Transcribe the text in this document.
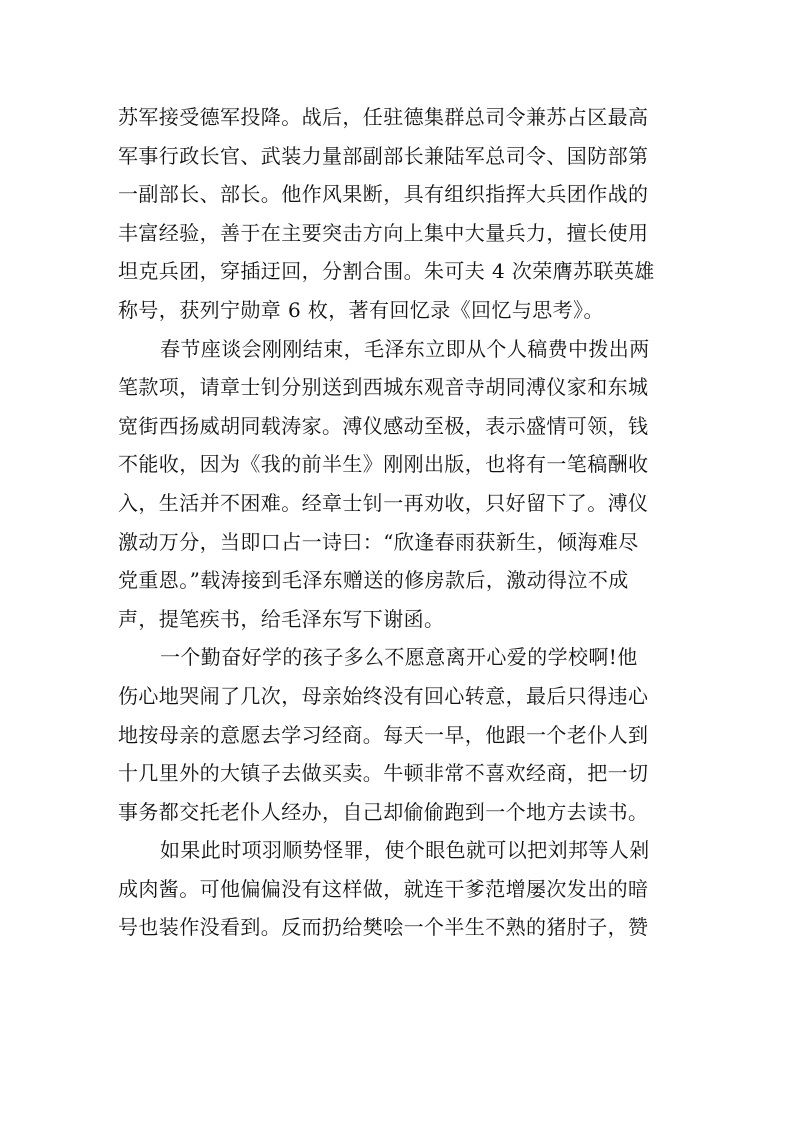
苏军接受德军投降。战后，任驻德集群总司令兼苏占区最高
军事行政长官、武装力量部副部长兼陆军总司令、国防部第
一副部长、部长。他作风果断，具有组织指挥大兵团作战的
丰富经验，善于在主要突击方向上集中大量兵力，擅长使用
坦克兵团，穿插迂回，分割合围。朱可夫 4 次荣膺苏联英雄
称号，获列宁勋章 6 枚，著有回忆录《回忆与思考》。
春节座谈会刚刚结束，毛泽东立即从个人稿费中拨出两
笔款项，请章士钊分别送到西城东观音寺胡同溥仪家和东城
宽街西扬威胡同载涛家。溥仪感动至极，表示盛情可领，钱
不能收，因为《我的前半生》刚刚出版，也将有一笔稿酬收
入，生活并不困难。经章士钊一再劝收，只好留下了。溥仪
激动万分，当即口占一诗曰：“欣逢春雨获新生，倾海难尽
党重恩。”载涛接到毛泽东赠送的修房款后，激动得泣不成
声，提笔疾书，给毛泽东写下谢函。
一个勤奋好学的孩子多么不愿意离开心爱的学校啊!他
伤心地哭闹了几次，母亲始终没有回心转意，最后只得违心
地按母亲的意愿去学习经商。每天一早，他跟一个老仆人到
十几里外的大镇子去做买卖。牛顿非常不喜欢经商，把一切
事务都交托老仆人经办，自己却偷偷跑到一个地方去读书。
如果此时项羽顺势怪罪，使个眼色就可以把刘邦等人剁
成肉酱。可他偏偏没有这样做，就连干爹范增屡次发出的暗
号也装作没看到。反而扔给樊哙一个半生不熟的猪肘子，赞
